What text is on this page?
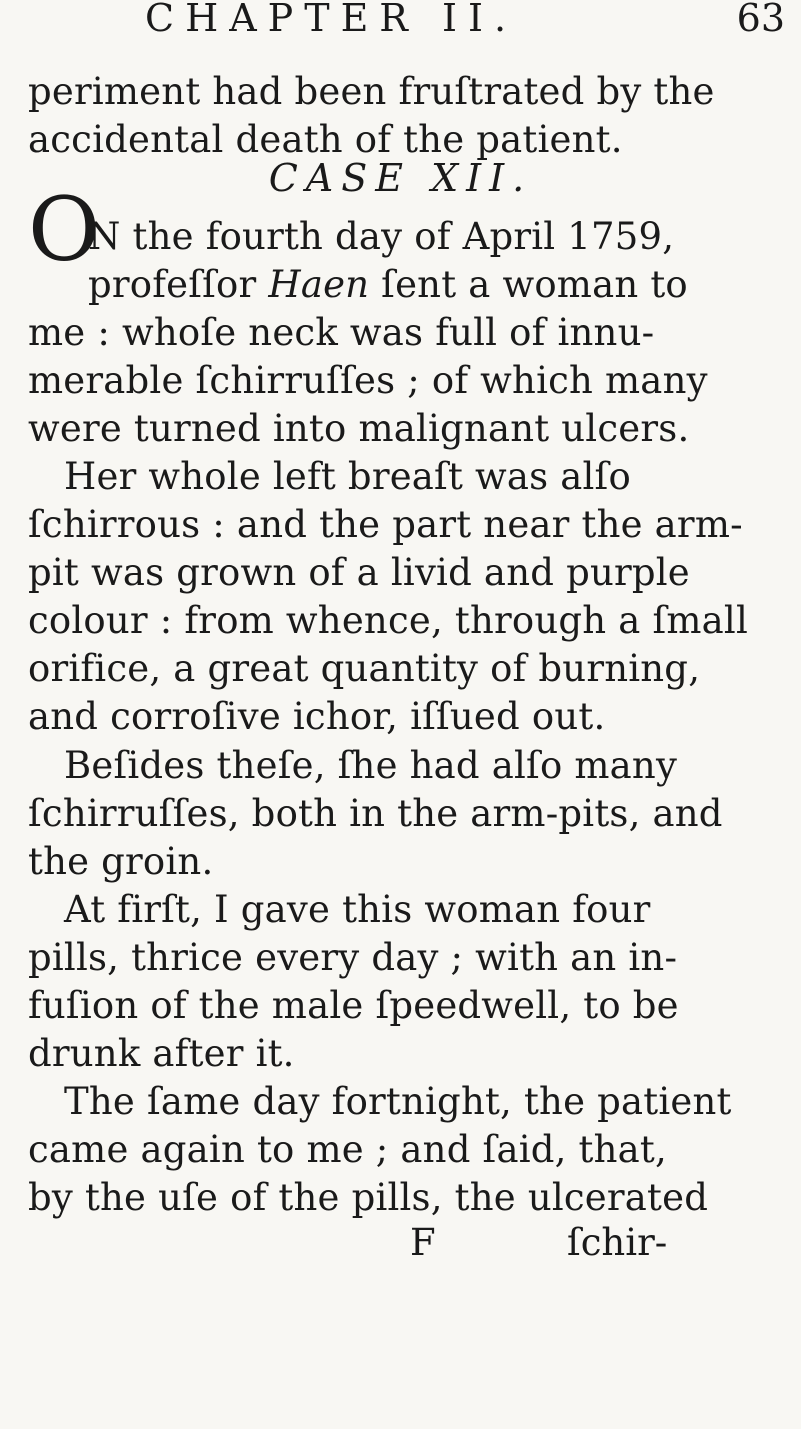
CHAPTER II.	63
periment had been fruſtrated by the
accidental death of the patient.
CASE XII.
O
N the fourth day of April 1759,
profeſſor Haen ſent a woman to
me : whoſe neck was full of innu-
merable ſchirruſſes ; of which many
were turned into malignant ulcers.
Her whole left breaſt was alſo
ſchirrous : and the part near the arm-
pit was grown of a livid and purple
colour : from whence, through a ſmall
orifice, a great quantity of burning,
and corroſive ichor, iſſued out.
Beſides theſe, ſhe had alſo many
ſchirruſſes, both in the arm-pits, and
the groin.
At firſt, I gave this woman four
pills, thrice every day ; with an in-
fuſion of the male ſpeedwell, to be
drunk after it.
The ſame day fortnight, the patient
came again to me ; and ſaid, that,
by the uſe of the pills, the ulcerated
F	ſchir-
